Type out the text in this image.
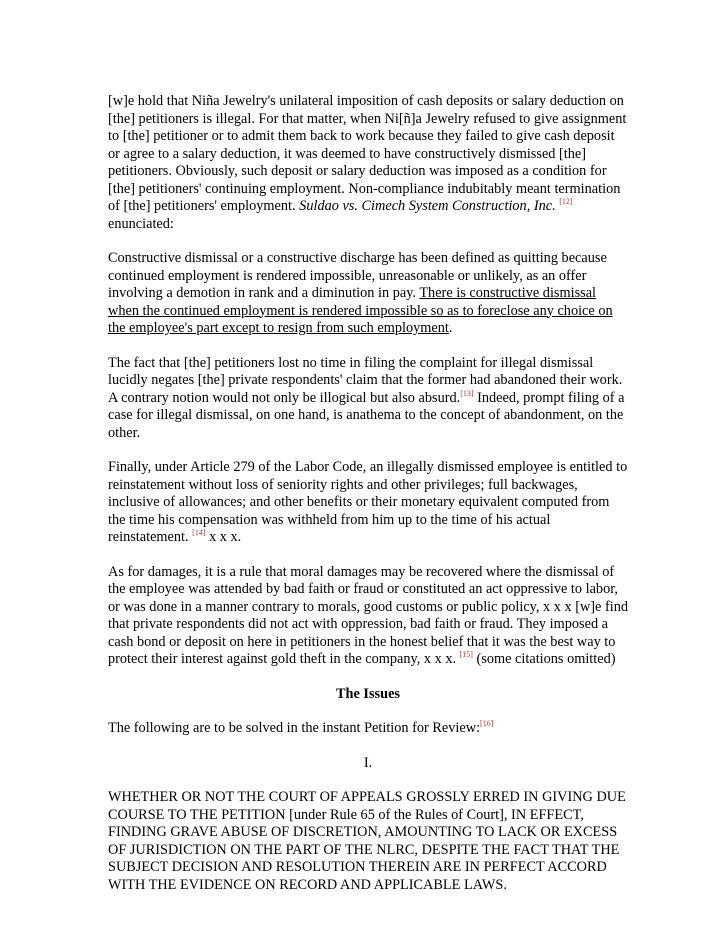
[w]e hold that Niña Jewelry's unilateral imposition of cash deposits or salary deduction on [the] petitioners is illegal. For that matter, when Ni[ñ]a Jewelry refused to give assignment to [the] petitioner or to admit them back to work because they failed to give cash deposit or agree to a salary deduction, it was deemed to have constructively dismissed [the] petitioners. Obviously, such deposit or salary deduction was imposed as a condition for [the] petitioners' continuing employment. Non-compliance indubitably meant termination of [the] petitioners' employment. Suldao vs. Cimech System Construction, Inc. [12] enunciated:

Constructive dismissal or a constructive discharge has been defined as quitting because continued employment is rendered impossible, unreasonable or unlikely, as an offer involving a demotion in rank and a diminution in pay. There is constructive dismissal when the continued employment is rendered impossible so as to foreclose any choice on the employee's part except to resign from such employment.

The fact that [the] petitioners lost no time in filing the complaint for illegal dismissal lucidly negates [the] private respondents' claim that the former had abandoned their work. A contrary notion would not only be illogical but also absurd.[13] Indeed, prompt filing of a case for illegal dismissal, on one hand, is anathema to the concept of abandonment, on the other.

Finally, under Article 279 of the Labor Code, an illegally dismissed employee is entitled to reinstatement without loss of seniority rights and other privileges; full backwages, inclusive of allowances; and other benefits or their monetary equivalent computed from the time his compensation was withheld from him up to the time of his actual reinstatement. [14] x x x.

As for damages, it is a rule that moral damages may be recovered where the dismissal of the employee was attended by bad faith or fraud or constituted an act oppressive to labor, or was done in a manner contrary to morals, good customs or public policy, x x x [w]e find that private respondents did not act with oppression, bad faith or fraud. They imposed a cash bond or deposit on here in petitioners in the honest belief that it was the best way to protect their interest against gold theft in the company, x x x. [15] (some citations omitted)

The Issues

The following are to be solved in the instant Petition for Review:[16]

I.

WHETHER OR NOT THE COURT OF APPEALS GROSSLY ERRED IN GIVING DUE COURSE TO THE PETITION [under Rule 65 of the Rules of Court], IN EFFECT, FINDING GRAVE ABUSE OF DISCRETION, AMOUNTING TO LACK OR EXCESS OF JURISDICTION ON THE PART OF THE NLRC, DESPITE THE FACT THAT THE SUBJECT DECISION AND RESOLUTION THEREIN ARE IN PERFECT ACCORD WITH THE EVIDENCE ON RECORD AND APPLICABLE LAWS.
